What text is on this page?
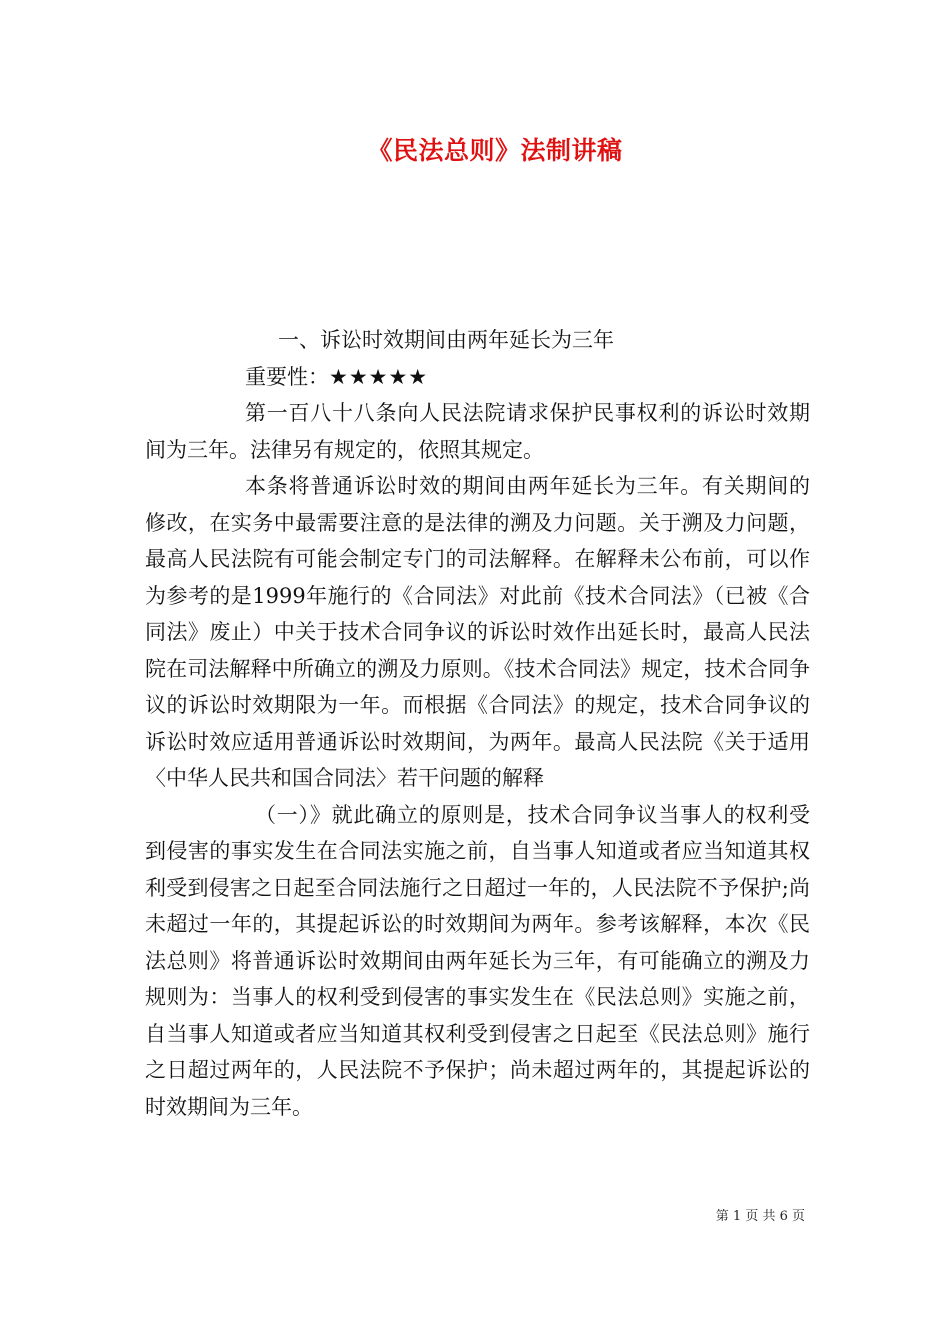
《民法总则》法制讲稿

一、诉讼时效期间由两年延长为三年

重要性：★★★★★

第一百八十八条向人民法院请求保护民事权利的诉讼时效期间为三年。法律另有规定的，依照其规定。

本条将普通诉讼时效的期间由两年延长为三年。有关期间的修改，在实务中最需要注意的是法律的溯及力问题。关于溯及力问题，最高人民法院有可能会制定专门的司法解释。在解释未公布前，可以作为参考的是1999年施行的《合同法》对此前《技术合同法》（已被《合同法》废止）中关于技术合同争议的诉讼时效作出延长时，最高人民法院在司法解释中所确立的溯及力原则。《技术合同法》规定，技术合同争议的诉讼时效期限为一年。而根据《合同法》的规定，技术合同争议的诉讼时效应适用普通诉讼时效期间，为两年。最高人民法院《关于适用〈中华人民共和国合同法〉若干问题的解释

（一）》就此确立的原则是，技术合同争议当事人的权利受到侵害的事实发生在合同法实施之前，自当事人知道或者应当知道其权利受到侵害之日起至合同法施行之日超过一年的，人民法院不予保护;尚未超过一年的，其提起诉讼的时效期间为两年。参考该解释，本次《民法总则》将普通诉讼时效期间由两年延长为三年，有可能确立的溯及力规则为：当事人的权利受到侵害的事实发生在《民法总则》实施之前，自当事人知道或者应当知道其权利受到侵害之日起至《民法总则》施行之日超过两年的，人民法院不予保护；尚未超过两年的，其提起诉讼的时效期间为三年。

第 1 页 共 6 页
